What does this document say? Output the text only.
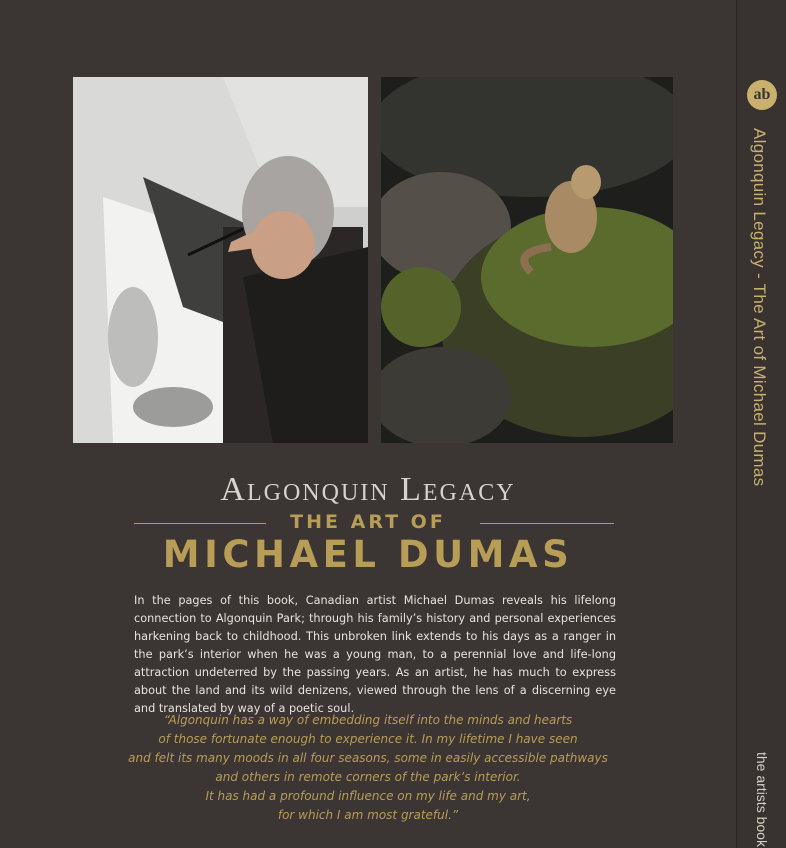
Algonquin Legacy
THE ART OF
MICHAEL DUMAS
In the pages of this book, Canadian artist Michael Dumas reveals his lifelong connection to Algonquin Park; through his family’s history and personal experiences harkening back to childhood. This unbroken link extends to his days as a ranger in the park’s interior when he was a young man, to a perennial love and life-long attraction undeterred by the passing years. As an artist, he has much to express about the land and its wild denizens, viewed through the lens of a discerning eye and translated by way of a poetic soul.
“Algonquin has a way of embedding itself into the minds and hearts
of those fortunate enough to experience it. In my lifetime I have seen
and felt its many moods in all four seasons, some in easily accessible pathways
and others in remote corners of the park’s interior.
It has had a profound influence on my life and my art,
for which I am most grateful.”
ab
Algonquin Legacy - The Art of Michael Dumas
the artists book
